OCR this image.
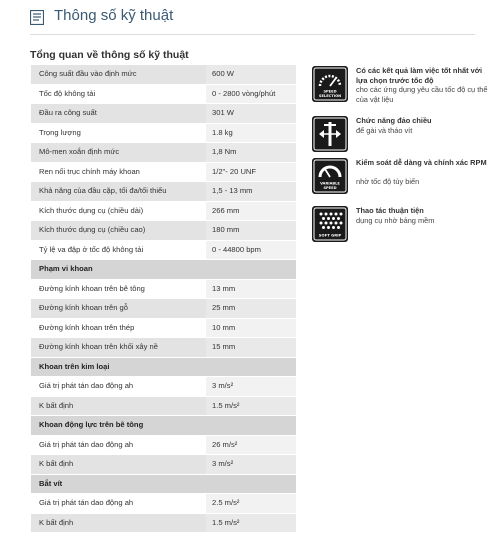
Thông số kỹ thuật
Tổng quan về thông số kỹ thuật
Công suất đầu vào định mức	600 W
Tốc độ không tải	0 - 2800 vòng/phút
Đầu ra công suất	301 W
Trọng lượng	1.8 kg
Mô-men xoắn định mức	1,8 Nm
Ren nối trục chính máy khoan	1/2"- 20 UNF
Khả năng của đầu cặp, tối đa/tối thiểu	1,5 - 13 mm
Kích thước dụng cụ (chiều dài)	266 mm
Kích thước dụng cụ (chiều cao)	180 mm
Tỷ lệ va đập ở tốc độ không tải	0 - 44800 bpm
Phạm vi khoan
Đường kính khoan trên bê tông	13 mm
Đường kính khoan trên gỗ	25 mm
Đường kính khoan trên thép	10 mm
Đường kính khoan trên khối xây nề	15 mm
Khoan trên kim loại
Giá trị phát tán dao động ah	3 m/s²
K bất định	1.5 m/s²
Khoan động lực trên bê tông
Giá trị phát tán dao động ah	26 m/s²
K bất định	3 m/s²
Bắt vít
Giá trị phát tán dao động ah	2.5 m/s²
K bất định	1.5 m/s²
SPEED
SELECTION
Có các kết quả làm việc tốt nhất với lựa chọn trước tốc độ
cho các ứng dụng yêu cầu tốc độ cụ thể của vật liệu
Chức năng đảo chiều
để gài và tháo vít
VARIABLE
SPEED
Kiểm soát dễ dàng và chính xác RPM
nhờ tốc độ tùy biến
SOFT GRIP
Thao tác thuận tiện
dụng cụ nhờ bảng mềm
